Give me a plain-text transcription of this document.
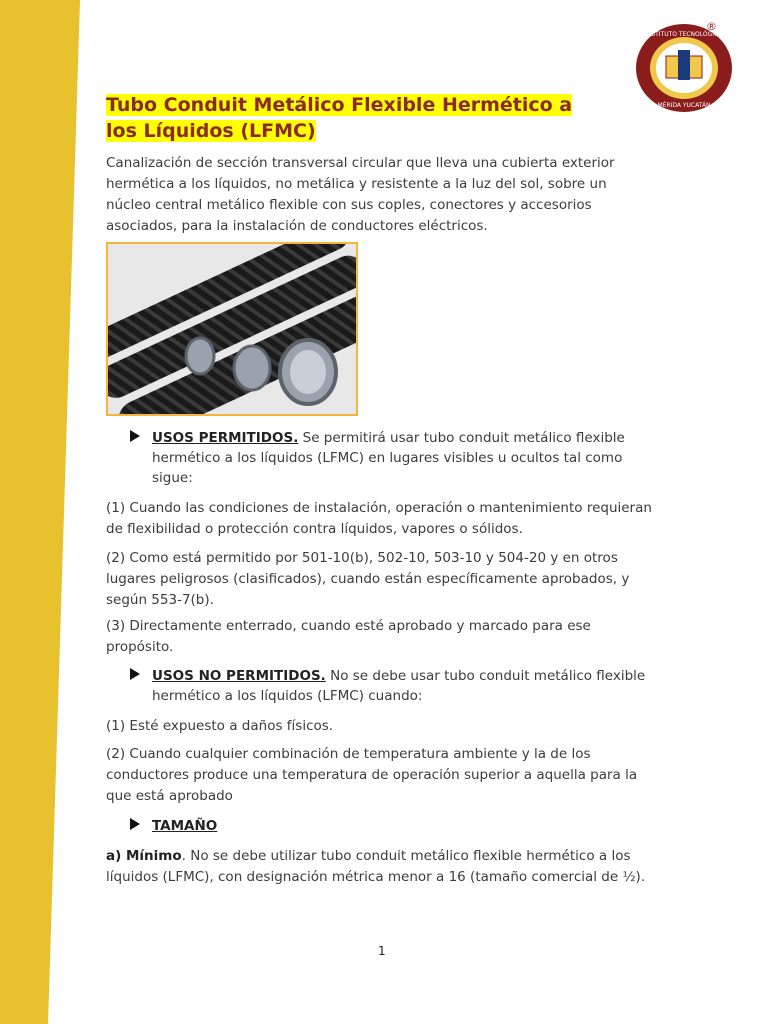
INSTITUTO TECNOLÓGICO
MÉRIDA YUCATÁN
®
Tubo Conduit Metálico Flexible Hermético a los Líquidos (LFMC)
Canalización de sección transversal circular que lleva una cubierta exterior hermética a los líquidos, no metálica y resistente a la luz del sol, sobre un núcleo central metálico flexible con sus coples, conectores y accesorios asociados, para la instalación de conductores eléctricos.
USOS PERMITIDOS. Se permitirá usar tubo conduit metálico flexible hermético a los líquidos (LFMC) en lugares visibles u ocultos tal como sigue:
(1) Cuando las condiciones de instalación, operación o mantenimiento requieran de flexibilidad o protección contra líquidos, vapores o sólidos.
(2) Como está permitido por 501-10(b), 502-10, 503-10 y 504-20 y en otros lugares peligrosos (clasificados), cuando están específicamente aprobados, y según 553-7(b).
(3) Directamente enterrado, cuando esté aprobado y marcado para ese propósito.
USOS NO PERMITIDOS. No se debe usar tubo conduit metálico flexible hermético a los líquidos (LFMC) cuando:
(1) Esté expuesto a daños físicos.
(2) Cuando cualquier combinación de temperatura ambiente y la de los conductores produce una temperatura de operación superior a aquella para la que está aprobado
TAMAÑO
a) Mínimo. No se debe utilizar tubo conduit metálico flexible hermético a los líquidos (LFMC), con designación métrica menor a 16 (tamaño comercial de ½).
1
